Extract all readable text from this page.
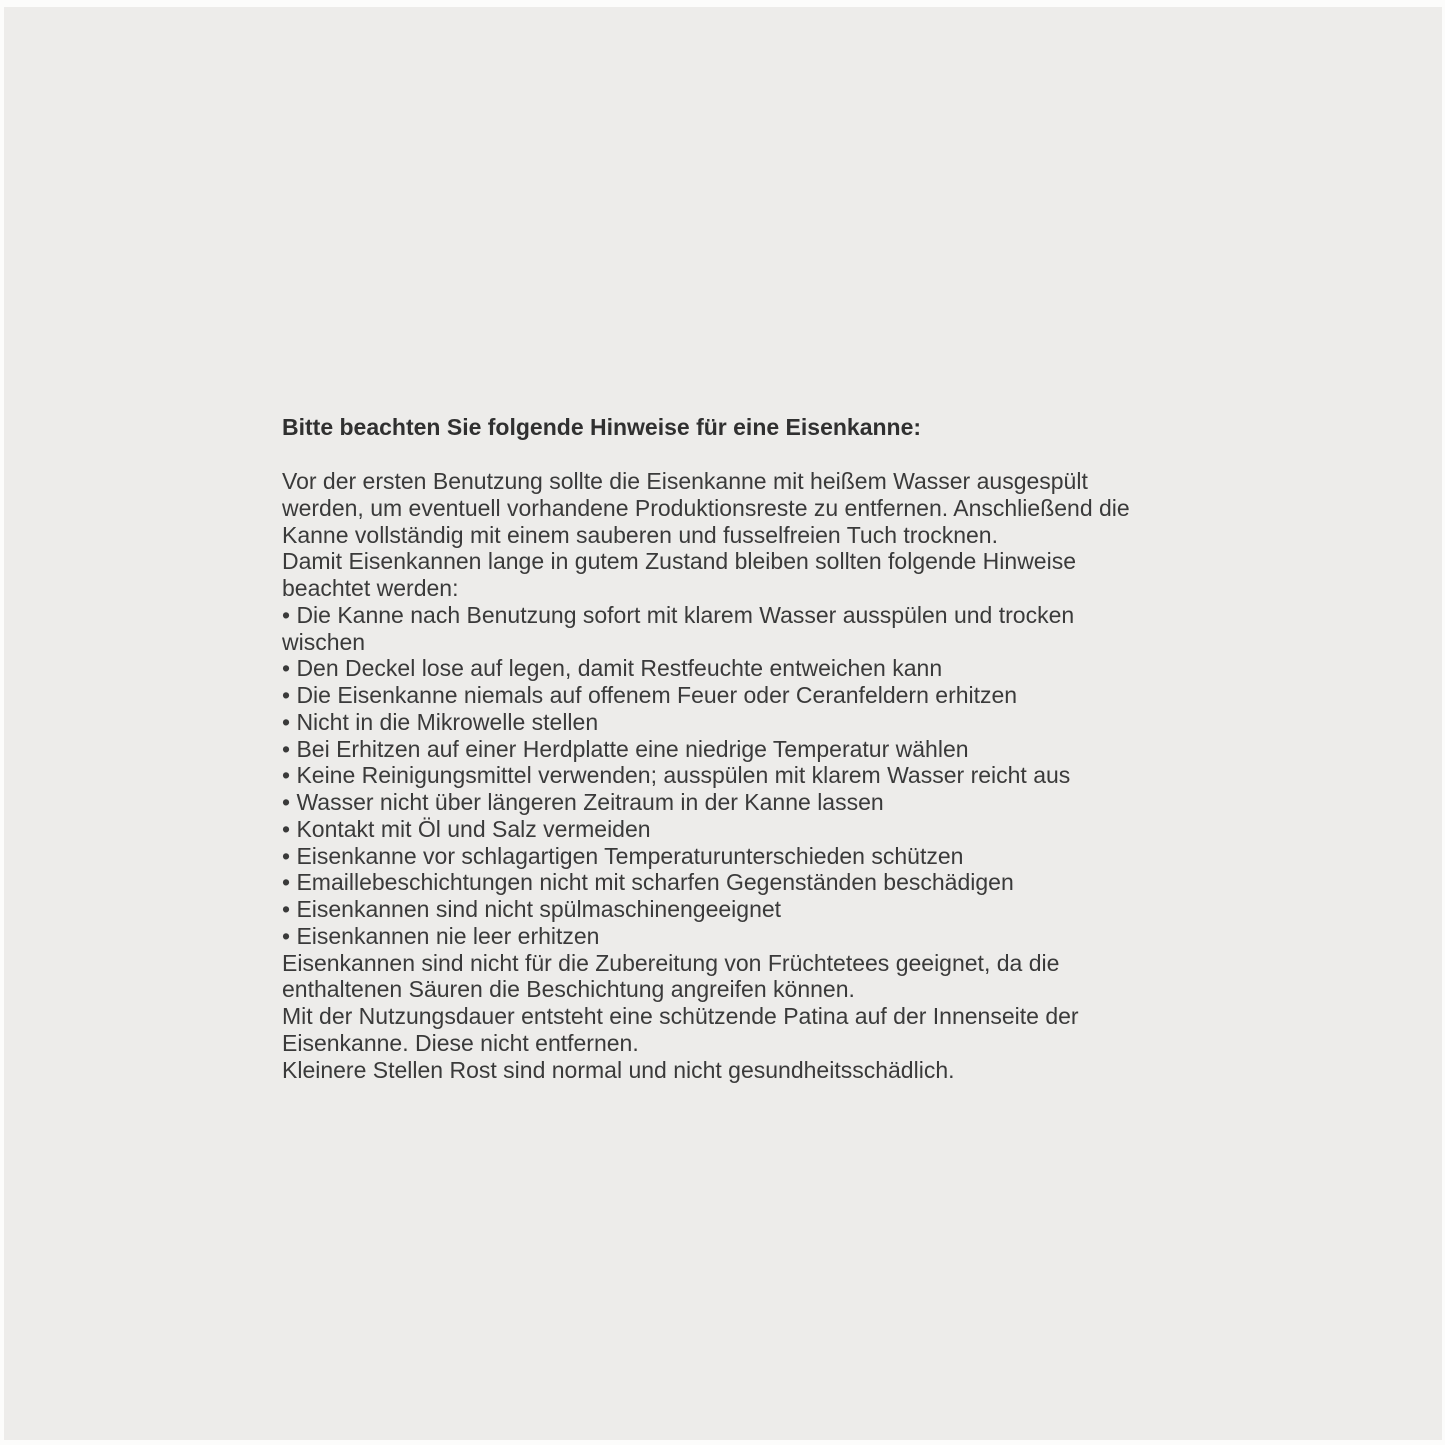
Bitte beachten Sie folgende Hinweise für eine Eisenkanne:
Vor der ersten Benutzung sollte die Eisenkanne mit heißem Wasser ausgespült
werden, um eventuell vorhandene Produktionsreste zu entfernen. Anschließend die
Kanne vollständig mit einem sauberen und fusselfreien Tuch trocknen.
Damit Eisenkannen lange in gutem Zustand bleiben sollten folgende Hinweise
beachtet werden:
• Die Kanne nach Benutzung sofort mit klarem Wasser ausspülen und trocken
wischen
• Den Deckel lose auf legen, damit Restfeuchte entweichen kann
• Die Eisenkanne niemals auf offenem Feuer oder Ceranfeldern erhitzen
• Nicht in die Mikrowelle stellen
• Bei Erhitzen auf einer Herdplatte eine niedrige Temperatur wählen
• Keine Reinigungsmittel verwenden; ausspülen mit klarem Wasser reicht aus
• Wasser nicht über längeren Zeitraum in der Kanne lassen
• Kontakt mit Öl und Salz vermeiden
• Eisenkanne vor schlagartigen Temperaturunterschieden schützen
• Emaillebeschichtungen nicht mit scharfen Gegenständen beschädigen
• Eisenkannen sind nicht spülmaschinengeeignet
• Eisenkannen nie leer erhitzen
Eisenkannen sind nicht für die Zubereitung von Früchtetees geeignet, da die
enthaltenen Säuren die Beschichtung angreifen können.
Mit der Nutzungsdauer entsteht eine schützende Patina auf der Innenseite der
Eisenkanne. Diese nicht entfernen.
Kleinere Stellen Rost sind normal und nicht gesundheitsschädlich.
